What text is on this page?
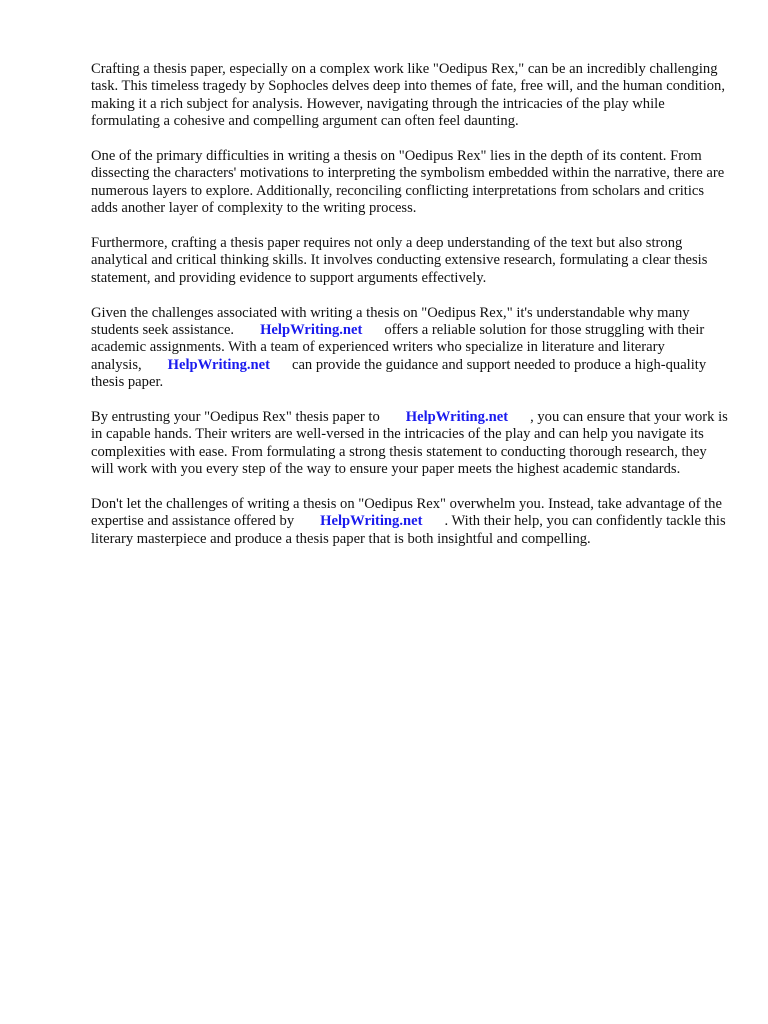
Crafting a thesis paper, especially on a complex work like "Oedipus Rex," can be an incredibly challenging task. This timeless tragedy by Sophocles delves deep into themes of fate, free will, and the human condition, making it a rich subject for analysis. However, navigating through the intricacies of the play while formulating a cohesive and compelling argument can often feel daunting.

One of the primary difficulties in writing a thesis on "Oedipus Rex" lies in the depth of its content. From dissecting the characters' motivations to interpreting the symbolism embedded within the narrative, there are numerous layers to explore. Additionally, reconciling conflicting interpretations from scholars and critics adds another layer of complexity to the writing process.

Furthermore, crafting a thesis paper requires not only a deep understanding of the text but also strong analytical and critical thinking skills. It involves conducting extensive research, formulating a clear thesis statement, and providing evidence to support arguments effectively.

Given the challenges associated with writing a thesis on "Oedipus Rex," it's understandable why many students seek assistance. HelpWriting.net offers a reliable solution for those struggling with their academic assignments. With a team of experienced writers who specialize in literature and literary analysis, HelpWriting.net can provide the guidance and support needed to produce a high-quality thesis paper.

By entrusting your "Oedipus Rex" thesis paper to HelpWriting.net , you can ensure that your work is in capable hands. Their writers are well-versed in the intricacies of the play and can help you navigate its complexities with ease. From formulating a strong thesis statement to conducting thorough research, they will work with you every step of the way to ensure your paper meets the highest academic standards.

Don't let the challenges of writing a thesis on "Oedipus Rex" overwhelm you. Instead, take advantage of the expertise and assistance offered by HelpWriting.net . With their help, you can confidently tackle this literary masterpiece and produce a thesis paper that is both insightful and compelling.
